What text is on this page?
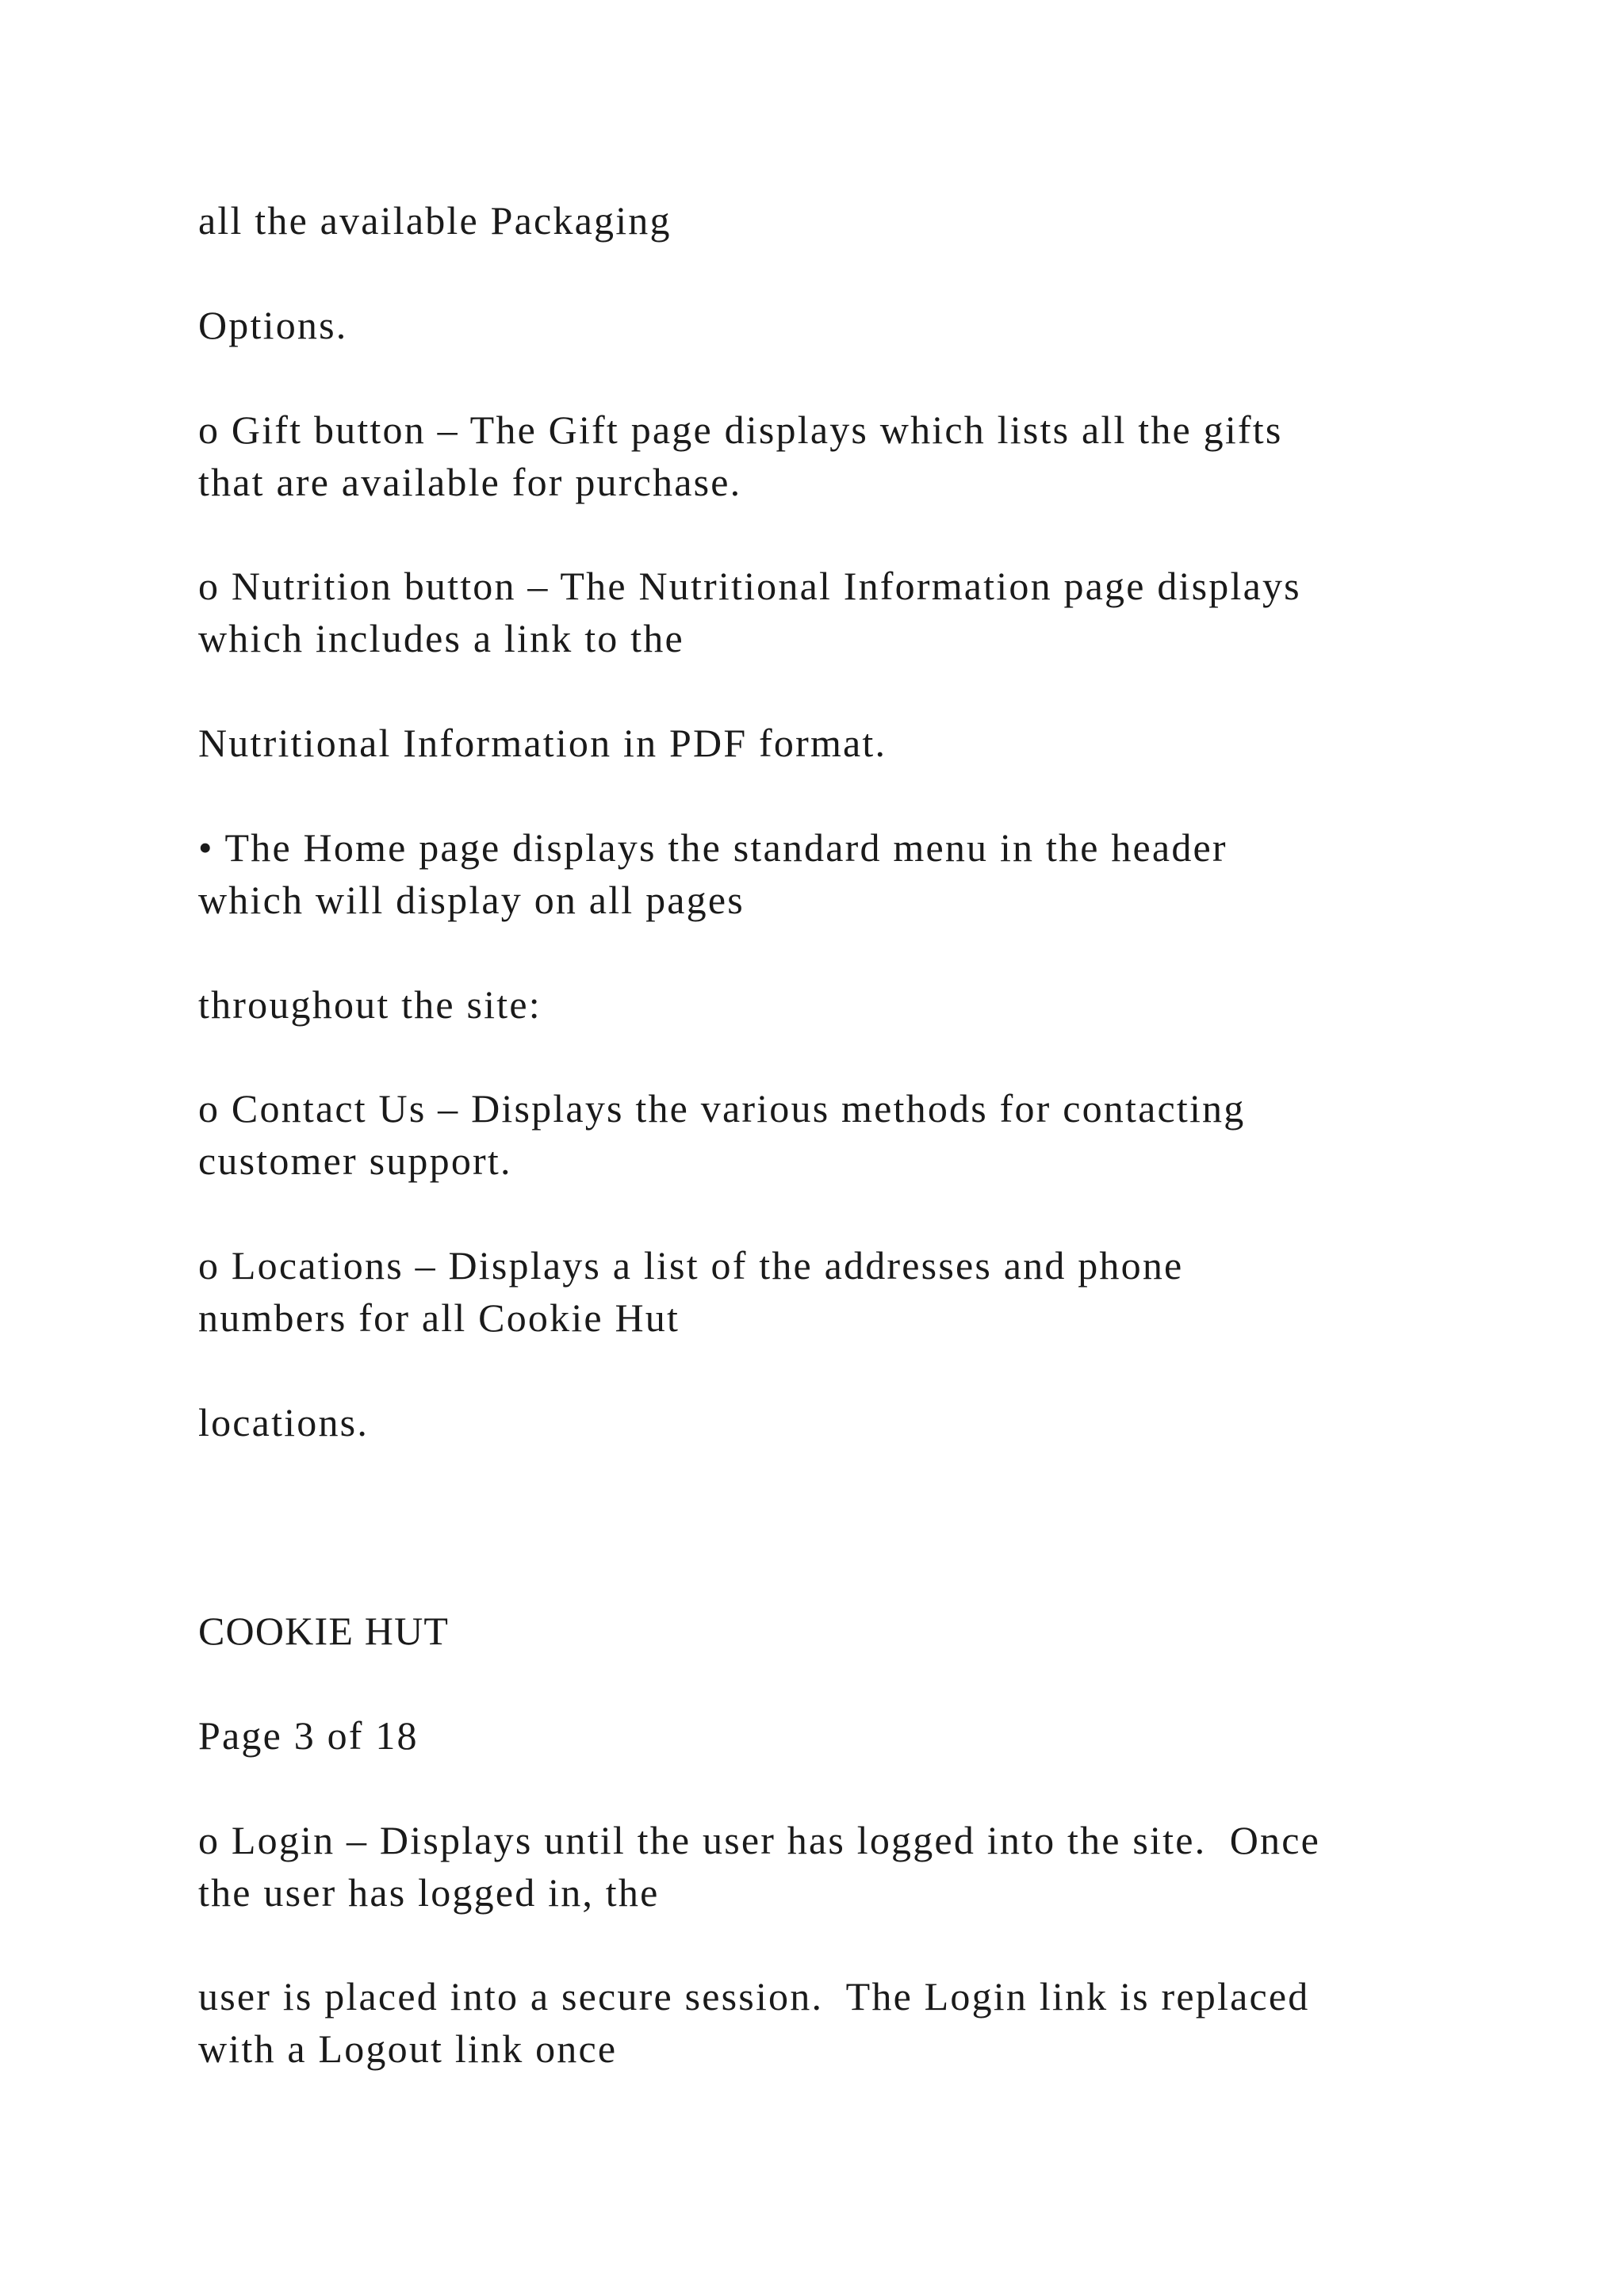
all the available Packaging

Options.

o Gift button – The Gift page displays which lists all the gifts

that are available for purchase.

o Nutrition button – The Nutritional Information page displays

which includes a link to the

Nutritional Information in PDF format.

• The Home page displays the standard menu in the header

which will display on all pages

throughout the site:

o Contact Us – Displays the various methods for contacting

customer support.

o Locations – Displays a list of the addresses and phone

numbers for all Cookie Hut

locations.

COOKIE HUT

Page 3 of 18

o Login – Displays until the user has logged into the site.  Once

the user has logged in, the

user is placed into a secure session.  The Login link is replaced

with a Logout link once
